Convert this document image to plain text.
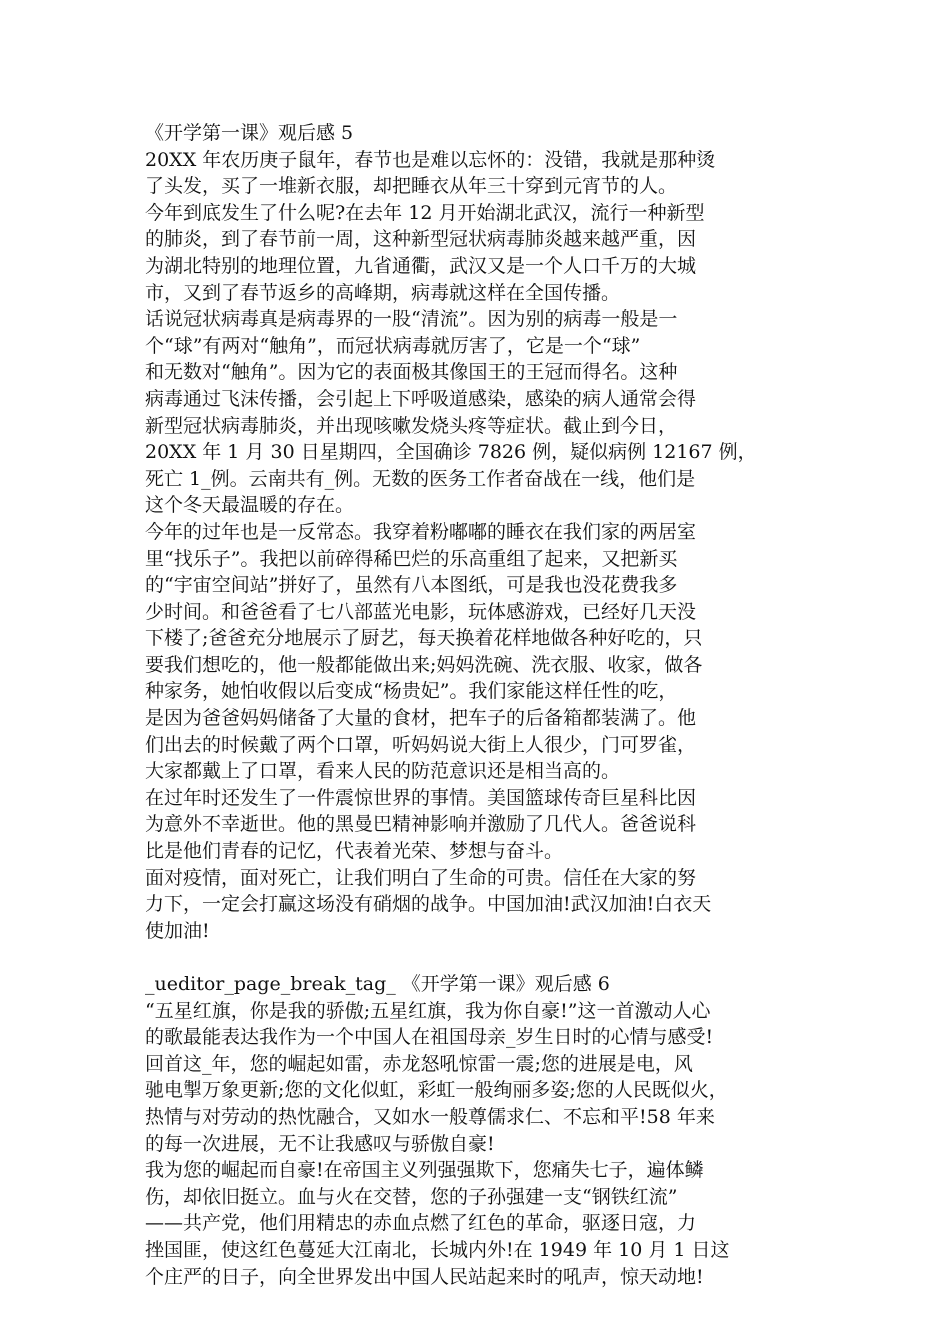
《开学第一课》观后感 5
20XX 年农历庚子鼠年，春节也是难以忘怀的：没错，我就是那种烫
了头发，买了一堆新衣服，却把睡衣从年三十穿到元宵节的人。
今年到底发生了什么呢?在去年 12 月开始湖北武汉，流行一种新型
的肺炎，到了春节前一周，这种新型冠状病毒肺炎越来越严重，因
为湖北特别的地理位置，九省通衢，武汉又是一个人口千万的大城
市，又到了春节返乡的高峰期，病毒就这样在全国传播。
话说冠状病毒真是病毒界的一股“清流”。因为别的病毒一般是一
个“球”有两对“触角”，而冠状病毒就厉害了，它是一个“球”
和无数对“触角”。因为它的表面极其像国王的王冠而得名。这种
病毒通过飞沫传播，会引起上下呼吸道感染，感染的病人通常会得
新型冠状病毒肺炎，并出现咳嗽发烧头疼等症状。截止到今日，
20XX 年 1 月 30 日星期四，全国确诊 7826 例，疑似病例 12167 例，
死亡 1_例。云南共有_例。无数的医务工作者奋战在一线，他们是
这个冬天最温暖的存在。
今年的过年也是一反常态。我穿着粉嘟嘟的睡衣在我们家的两居室
里“找乐子”。我把以前碎得稀巴烂的乐高重组了起来，又把新买
的“宇宙空间站”拼好了，虽然有八本图纸，可是我也没花费我多
少时间。和爸爸看了七八部蓝光电影，玩体感游戏，已经好几天没
下楼了;爸爸充分地展示了厨艺，每天换着花样地做各种好吃的，只
要我们想吃的，他一般都能做出来;妈妈洗碗、洗衣服、收家，做各
种家务，她怕收假以后变成“杨贵妃”。我们家能这样任性的吃，
是因为爸爸妈妈储备了大量的食材，把车子的后备箱都装满了。他
们出去的时候戴了两个口罩，听妈妈说大街上人很少，门可罗雀，
大家都戴上了口罩，看来人民的防范意识还是相当高的。
在过年时还发生了一件震惊世界的事情。美国篮球传奇巨星科比因
为意外不幸逝世。他的黑曼巴精神影响并激励了几代人。爸爸说科
比是他们青春的记忆，代表着光荣、梦想与奋斗。
面对疫情，面对死亡，让我们明白了生命的可贵。信任在大家的努
力下，一定会打赢这场没有硝烟的战争。中国加油!武汉加油!白衣天
使加油!
_ueditor_page_break_tag_ 《开学第一课》观后感 6
“五星红旗，你是我的骄傲;五星红旗，我为你自豪!”这一首激动人心
的歌最能表达我作为一个中国人在祖国母亲_岁生日时的心情与感受!
回首这_年，您的崛起如雷，赤龙怒吼惊雷一震;您的进展是电，风
驰电掣万象更新;您的文化似虹，彩虹一般绚丽多姿;您的人民既似火，
热情与对劳动的热忱融合，又如水一般尊儒求仁、不忘和平!58 年来
的每一次进展，无不让我感叹与骄傲自豪!
我为您的崛起而自豪!在帝国主义列强强欺下，您痛失七子，遍体鳞
伤，却依旧挺立。血与火在交替，您的子孙强建一支“钢铁红流”
——共产党，他们用精忠的赤血点燃了红色的革命，驱逐日寇，力
挫国匪，使这红色蔓延大江南北，长城内外!在 1949 年 10 月 1 日这
个庄严的日子，向全世界发出中国人民站起来时的吼声，惊天动地!
